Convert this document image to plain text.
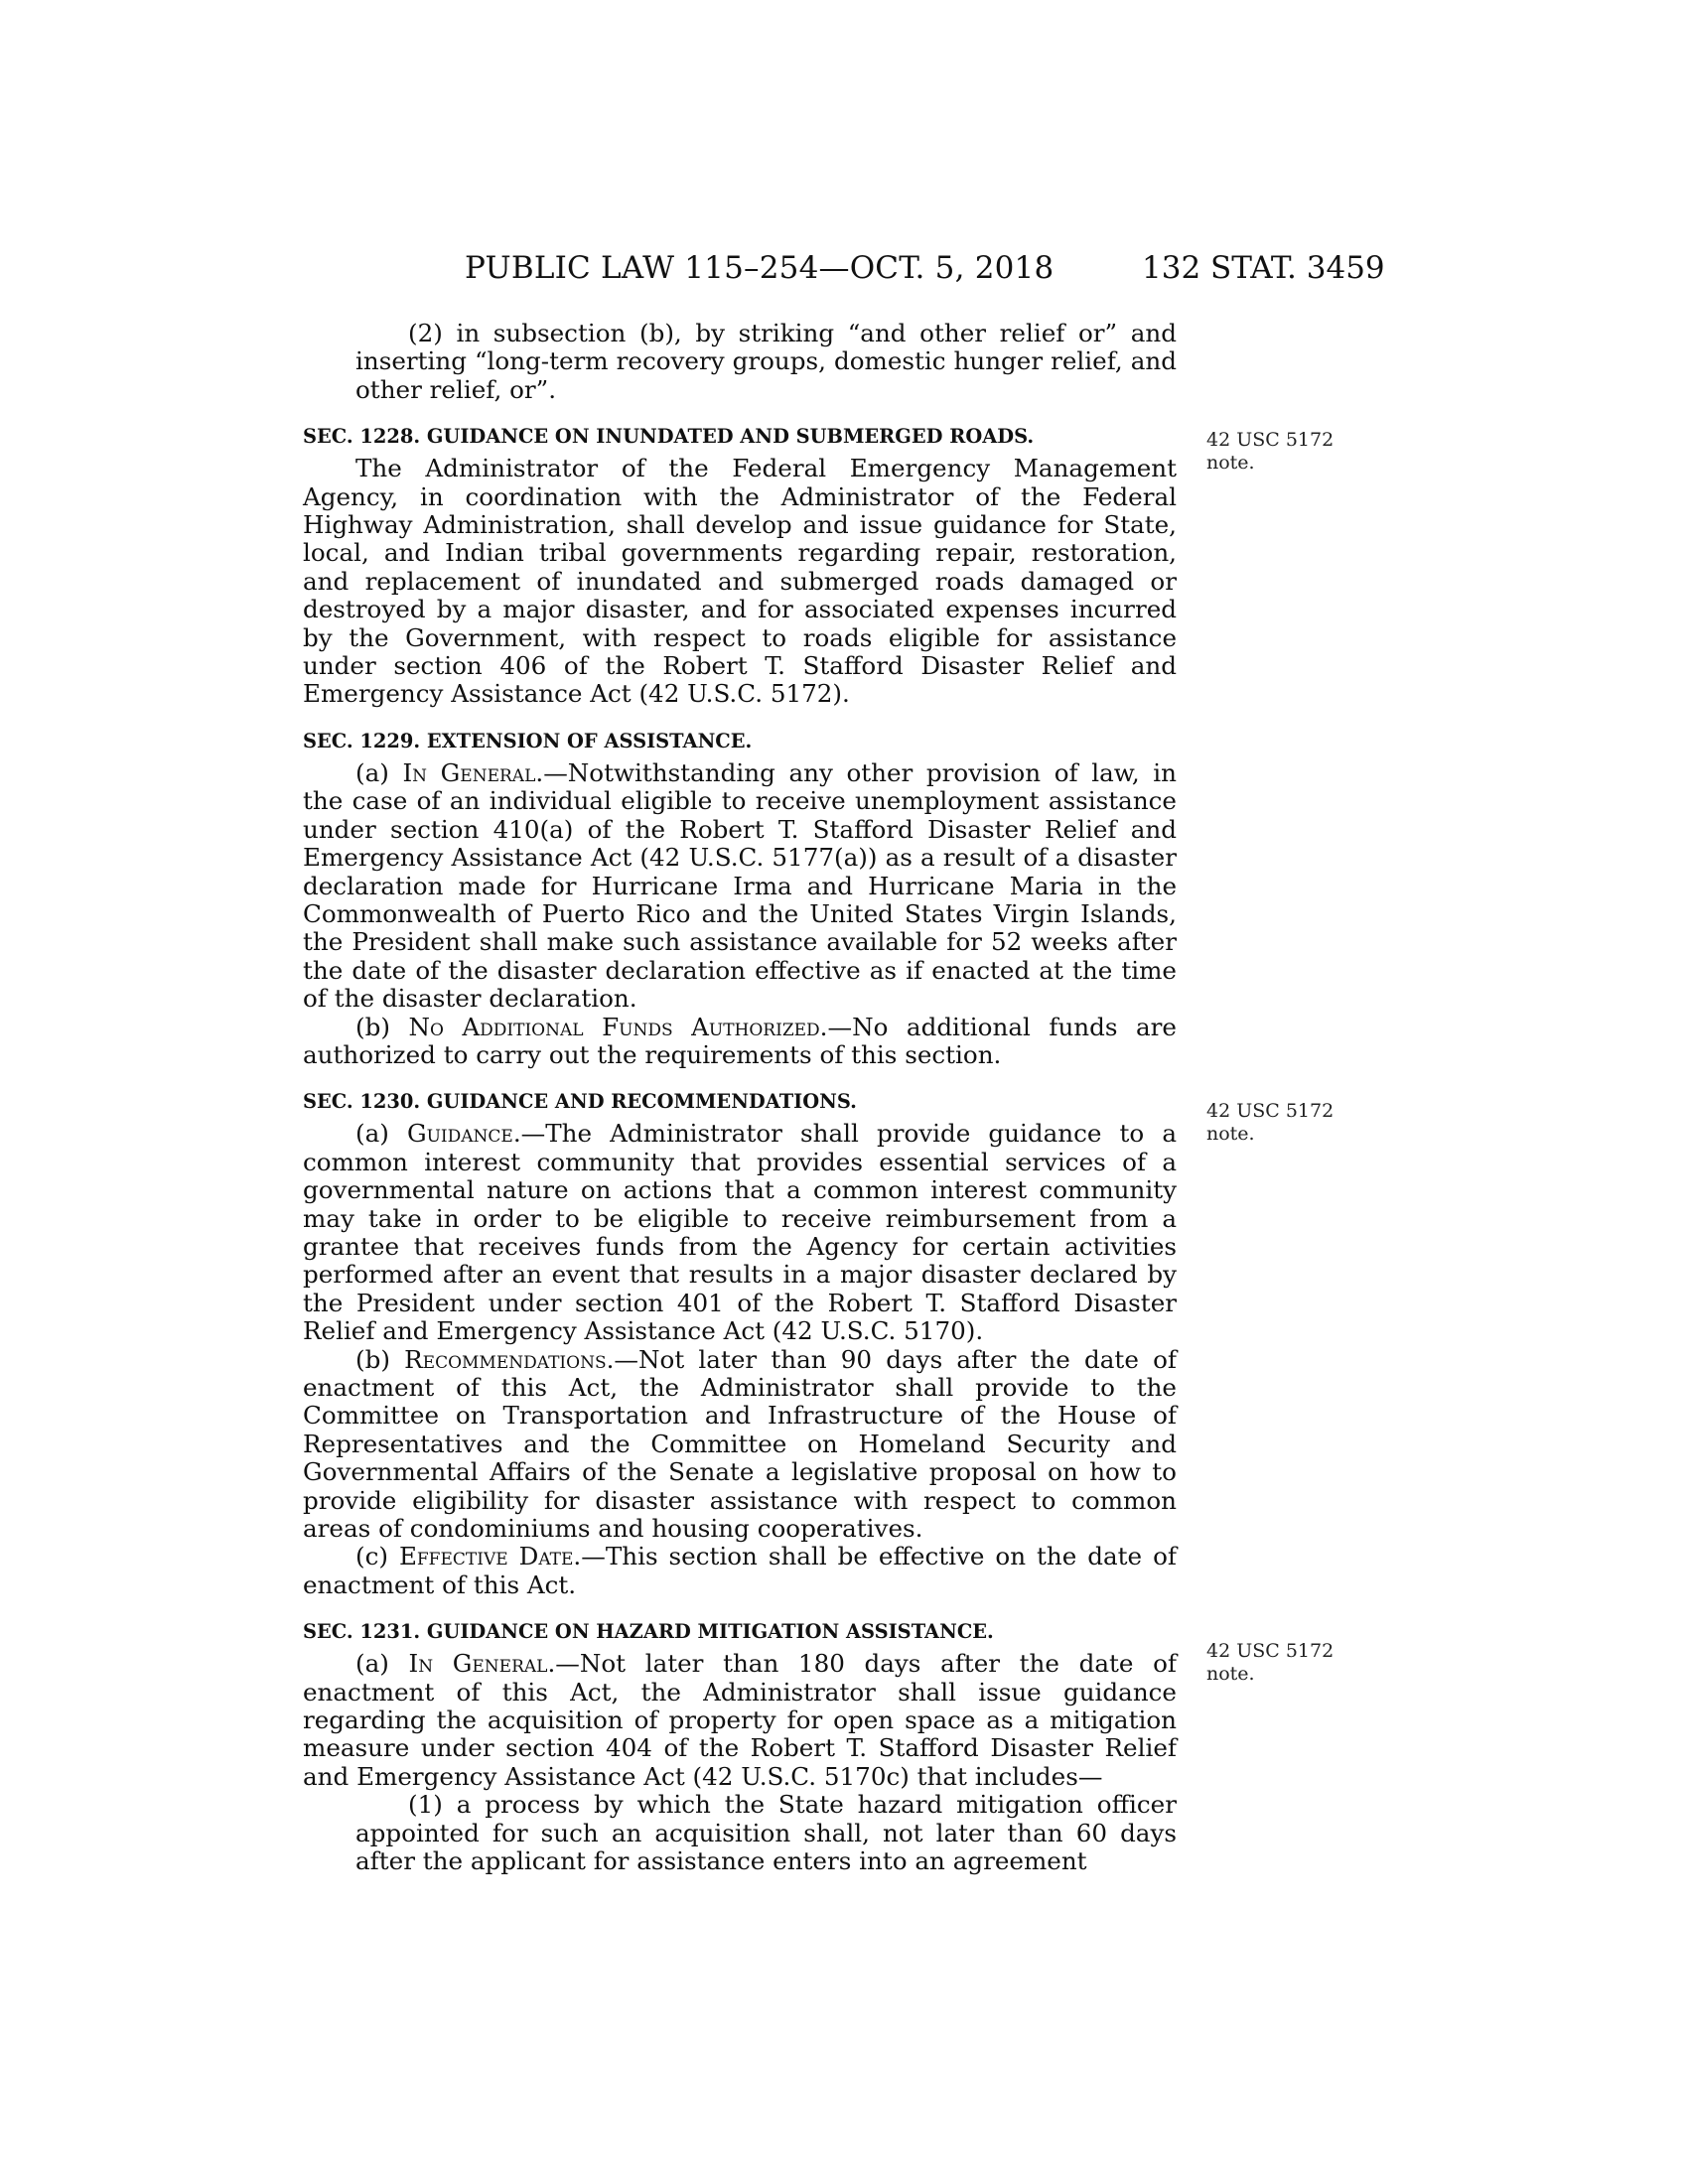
PUBLIC LAW 115–254—OCT. 5, 2018	132 STAT. 3459
42 USC 5172
note.
42 USC 5172
note.
42 USC 5172
note.

(2) in subsection (b), by striking “and other relief or” and inserting “long-term recovery groups, domestic hunger relief, and other relief, or”.

SEC. 1228. GUIDANCE ON INUNDATED AND SUBMERGED ROADS.

The Administrator of the Federal Emergency Management Agency, in coordination with the Administrator of the Federal Highway Administration, shall develop and issue guidance for State, local, and Indian tribal governments regarding repair, restoration, and replacement of inundated and submerged roads damaged or destroyed by a major disaster, and for associated expenses incurred by the Government, with respect to roads eligible for assistance under section 406 of the Robert T. Stafford Disaster Relief and Emergency Assistance Act (42 U.S.C. 5172).

SEC. 1229. EXTENSION OF ASSISTANCE.

(a) In General.—Notwithstanding any other provision of law, in the case of an individual eligible to receive unemployment assistance under section 410(a) of the Robert T. Stafford Disaster Relief and Emergency Assistance Act (42 U.S.C. 5177(a)) as a result of a disaster declaration made for Hurricane Irma and Hurricane Maria in the Commonwealth of Puerto Rico and the United States Virgin Islands, the President shall make such assistance available for 52 weeks after the date of the disaster declaration effective as if enacted at the time of the disaster declaration.

(b) No Additional Funds Authorized.—No additional funds are authorized to carry out the requirements of this section.

SEC. 1230. GUIDANCE AND RECOMMENDATIONS.

(a) Guidance.—The Administrator shall provide guidance to a common interest community that provides essential services of a governmental nature on actions that a common interest community may take in order to be eligible to receive reimbursement from a grantee that receives funds from the Agency for certain activities performed after an event that results in a major disaster declared by the President under section 401 of the Robert T. Stafford Disaster Relief and Emergency Assistance Act (42 U.S.C. 5170).

(b) Recommendations.—Not later than 90 days after the date of enactment of this Act, the Administrator shall provide to the Committee on Transportation and Infrastructure of the House of Representatives and the Committee on Homeland Security and Governmental Affairs of the Senate a legislative proposal on how to provide eligibility for disaster assistance with respect to common areas of condominiums and housing cooperatives.

(c) Effective Date.—This section shall be effective on the date of enactment of this Act.

SEC. 1231. GUIDANCE ON HAZARD MITIGATION ASSISTANCE.

(a) In General.—Not later than 180 days after the date of enactment of this Act, the Administrator shall issue guidance regarding the acquisition of property for open space as a mitigation measure under section 404 of the Robert T. Stafford Disaster Relief and Emergency Assistance Act (42 U.S.C. 5170c) that includes—

(1) a process by which the State hazard mitigation officer appointed for such an acquisition shall, not later than 60 days after the applicant for assistance enters into an agreement
